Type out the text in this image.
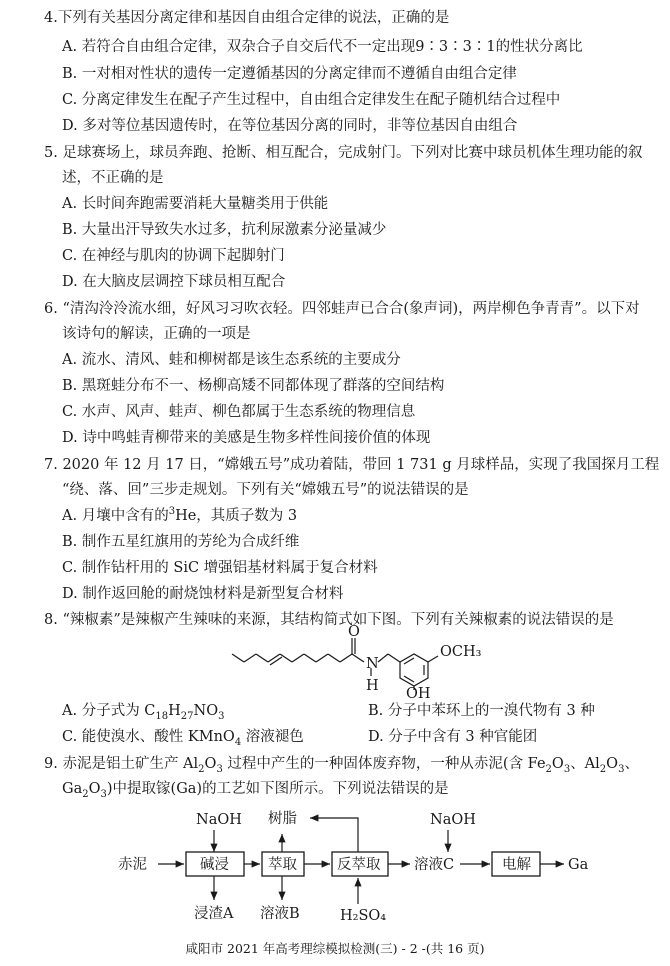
4.下列有关基因分离定律和基因自由组合定律的说法，正确的是
A. 若符合自由组合定律，双杂合子自交后代不一定出现9∶3∶3∶1的性状分离比
B. 一对相对性状的遗传一定遵循基因的分离定律而不遵循自由组合定律
C. 分离定律发生在配子产生过程中，自由组合定律发生在配子随机结合过程中
D. 多对等位基因遗传时，在等位基因分离的同时，非等位基因自由组合
5. 足球赛场上，球员奔跑、抢断、相互配合，完成射门。下列对比赛中球员机体生理功能的叙
述，不正确的是
A. 长时间奔跑需要消耗大量糖类用于供能
B. 大量出汗导致失水过多，抗利尿激素分泌量减少
C. 在神经与肌肉的协调下起脚射门
D. 在大脑皮层调控下球员相互配合
6. “清沟泠泠流水细，好风习习吹衣轻。四邻蛙声已合合(象声词)，两岸柳色争青青”。以下对
该诗句的解读，正确的一项是
A. 流水、清风、蛙和柳树都是该生态系统的主要成分
B. 黑斑蛙分布不一、杨柳高矮不同都体现了群落的空间结构
C. 水声、风声、蛙声、柳色都属于生态系统的物理信息
D. 诗中鸣蛙青柳带来的美感是生物多样性间接价值的体现
7. 2020 年 12 月 17 日，“嫦娥五号”成功着陆，带回 1 731 g 月球样品，实现了我国探月工程
“绕、落、回”三步走规划。下列有关“嫦娥五号”的说法错误的是
A. 月壤中含有的$^3$He，其质子数为 3
B. 制作五星红旗用的芳纶为合成纤维
C. 制作钻杆用的 SiC 增强铝基材料属于复合材料
D. 制作返回舱的耐烧蚀材料是新型复合材料
8. “辣椒素”是辣椒产生辣味的来源，其结构简式如下图。下列有关辣椒素的说法错误的是
O
N
H
OCH₃
OH
A. 分子式为 $C_{18}H_{27}NO_3$	B. 分子中苯环上的一溴代物有 3 种
C. 能使溴水、酸性 KMnO$_4$ 溶液褪色	D. 分子中含有 3 种官能团
9. 赤泥是铝土矿生产 $Al_2O_3$ 过程中产生的一种固体废弃物，一种从赤泥(含 $Fe_2O_3$、$Al_2O_3$、
$Ga_2O_3$)中提取镓(Ga)的工艺如下图所示。下列说法错误的是
NaOH 树脂	NaOH
赤泥	碱浸	萃取	反萃取 溶液C	电解	Ga
浸渣A 溶液B	H₂SO₄
咸阳市 2021 年高考理综模拟检测(三) - 2 -(共 16 页)
